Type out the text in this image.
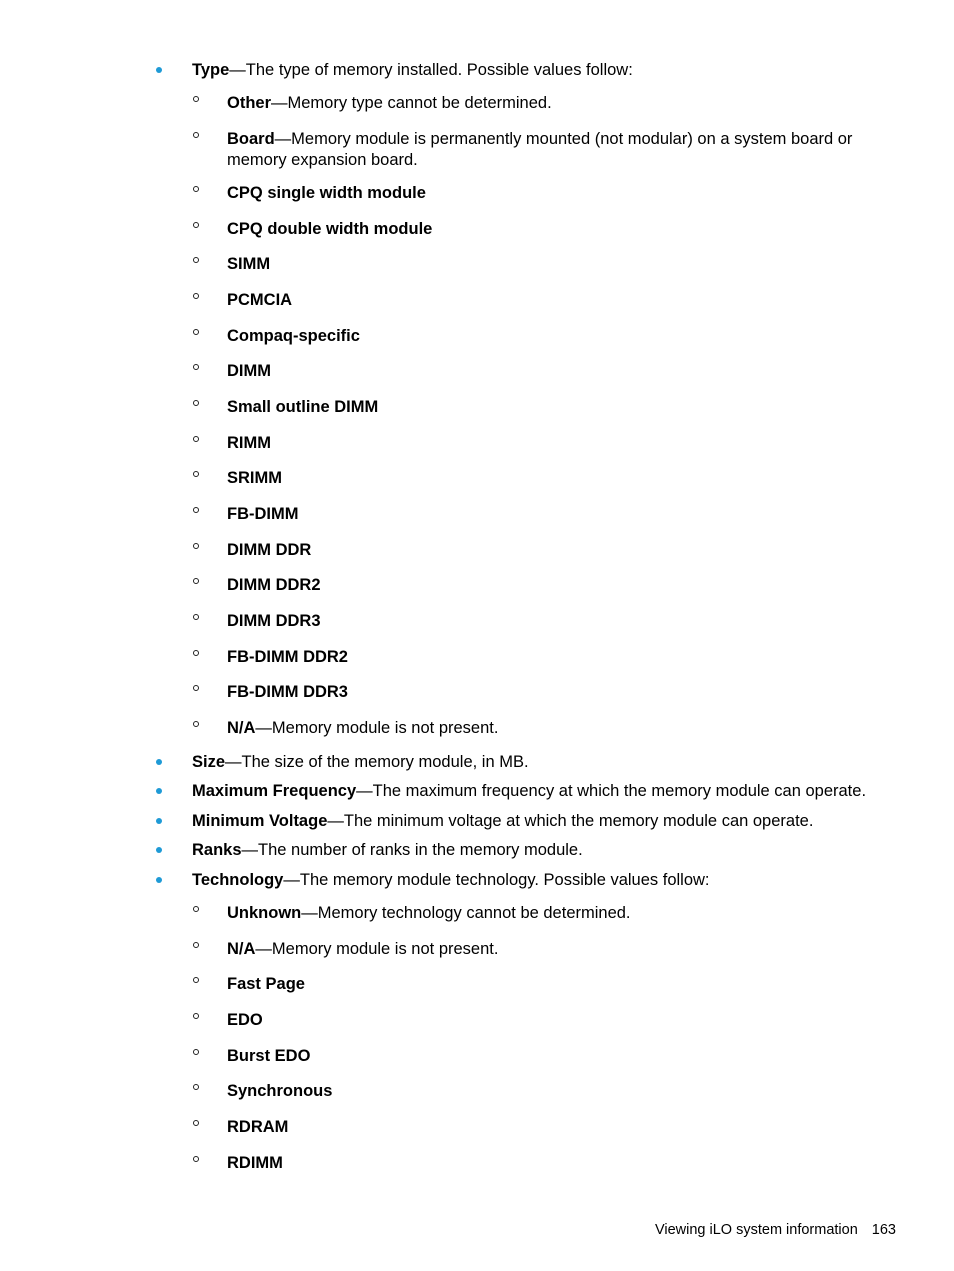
Type—The type of memory installed. Possible values follow:
Other—Memory type cannot be determined.
Board—Memory module is permanently mounted (not modular) on a system board or memory expansion board.
CPQ single width module
CPQ double width module
SIMM
PCMCIA
Compaq-specific
DIMM
Small outline DIMM
RIMM
SRIMM
FB-DIMM
DIMM DDR
DIMM DDR2
DIMM DDR3
FB-DIMM DDR2
FB-DIMM DDR3
N/A—Memory module is not present.
Size—The size of the memory module, in MB.
Maximum Frequency—The maximum frequency at which the memory module can operate.
Minimum Voltage—The minimum voltage at which the memory module can operate.
Ranks—The number of ranks in the memory module.
Technology—The memory module technology. Possible values follow:
Unknown—Memory technology cannot be determined.
N/A—Memory module is not present.
Fast Page
EDO
Burst EDO
Synchronous
RDRAM
RDIMM
Viewing iLO system information 163
